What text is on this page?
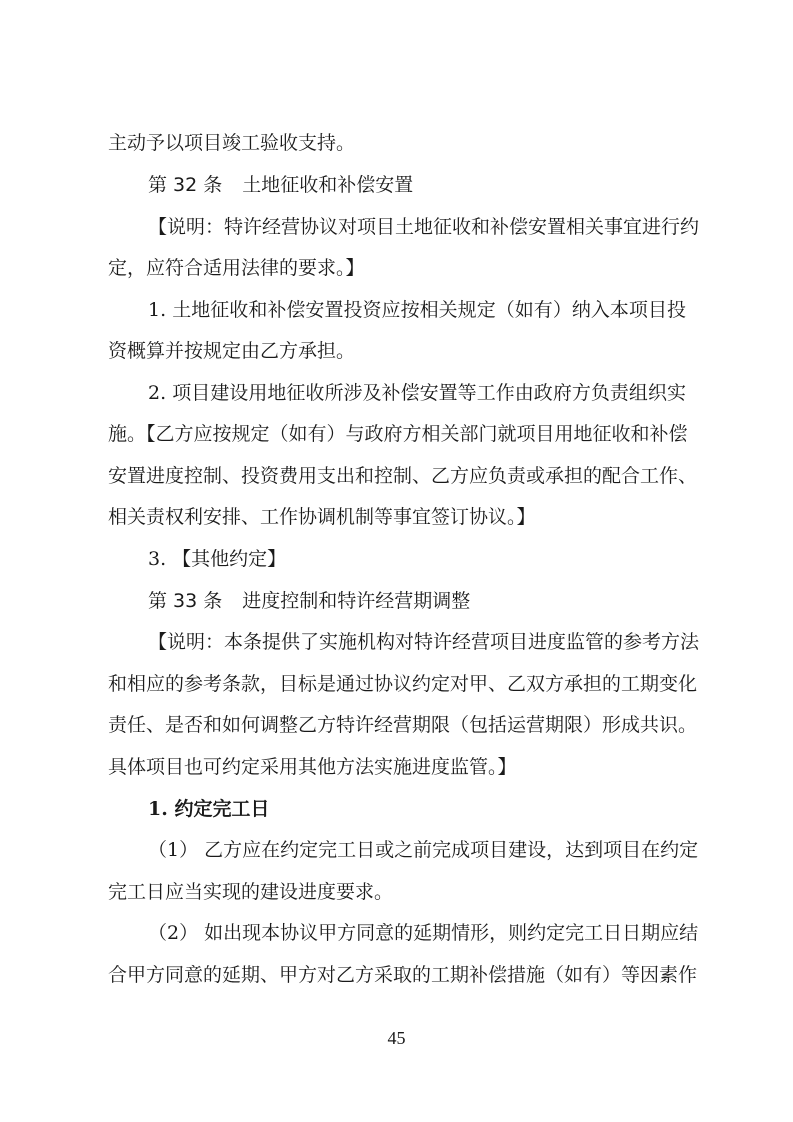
主动予以项目竣工验收支持。
第 32 条 土地征收和补偿安置
【说明：特许经营协议对项目土地征收和补偿安置相关事宜进行约
定，应符合适用法律的要求。】
1. 土地征收和补偿安置投资应按相关规定（如有）纳入本项目投
资概算并按规定由乙方承担。
2. 项目建设用地征收所涉及补偿安置等工作由政府方负责组织实
施。【乙方应按规定（如有）与政府方相关部门就项目用地征收和补偿
安置进度控制、投资费用支出和控制、乙方应负责或承担的配合工作、
相关责权利安排、工作协调机制等事宜签订协议。】
3. 【其他约定】
第 33 条 进度控制和特许经营期调整
【说明：本条提供了实施机构对特许经营项目进度监管的参考方法
和相应的参考条款，目标是通过协议约定对甲、乙双方承担的工期变化
责任、是否和如何调整乙方特许经营期限（包括运营期限）形成共识。
具体项目也可约定采用其他方法实施进度监管。】
1. 约定完工日
（1） 乙方应在约定完工日或之前完成项目建设，达到项目在约定
完工日应当实现的建设进度要求。
（2） 如出现本协议甲方同意的延期情形，则约定完工日日期应结
合甲方同意的延期、甲方对乙方采取的工期补偿措施（如有）等因素作
45
